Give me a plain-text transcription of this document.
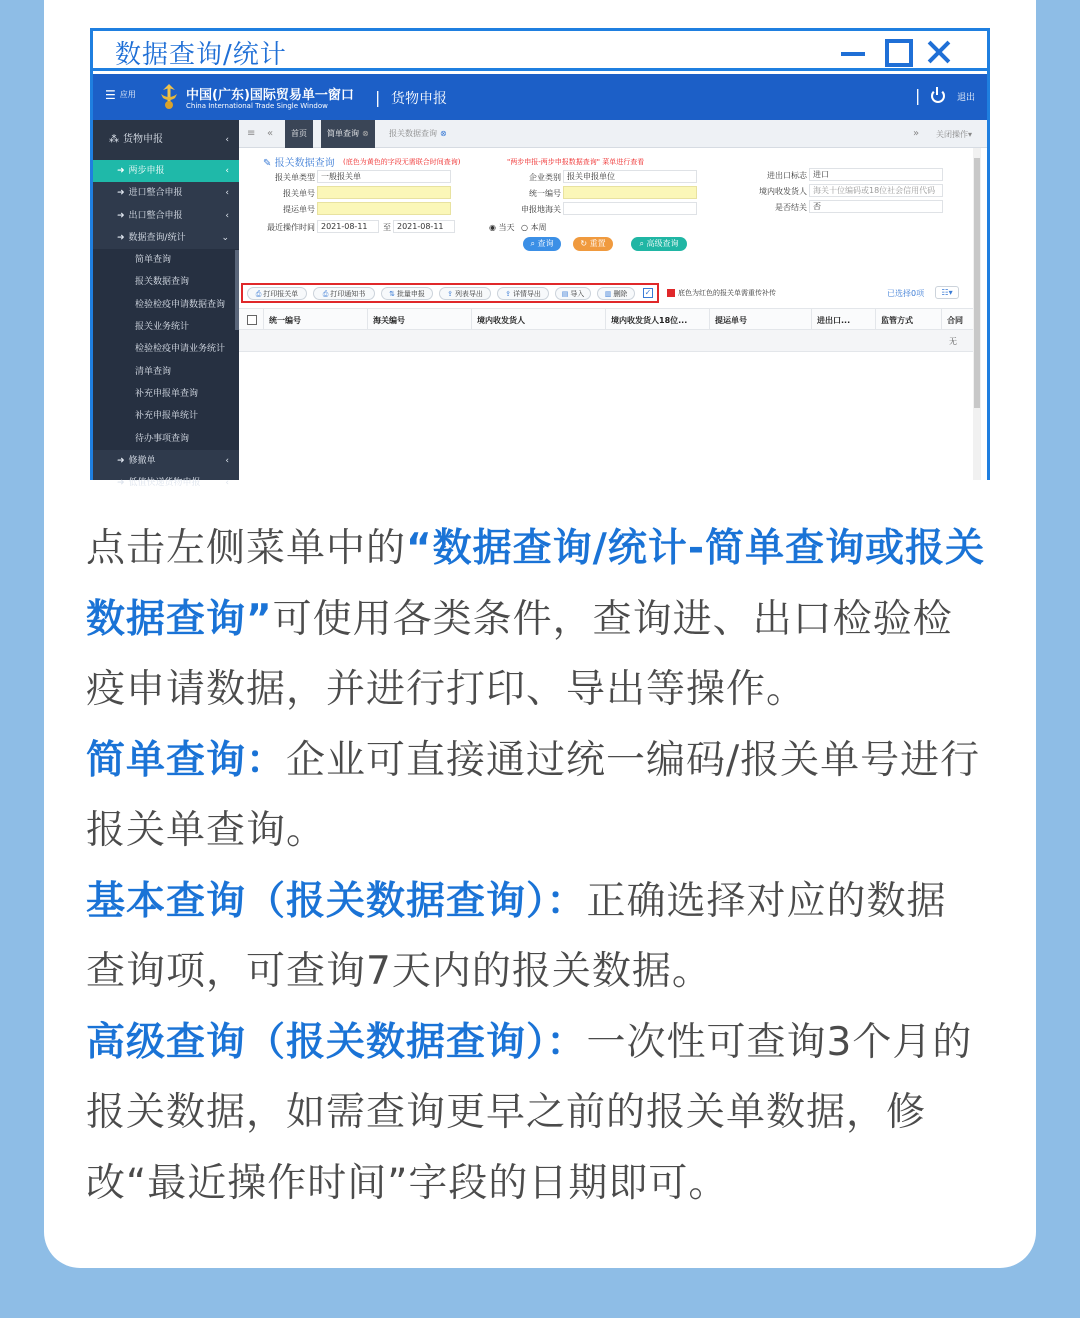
数据查询/统计
☰ 应用	中国(广东)国际贸易单一窗口
China International Trade Single Window	| 货物申报	|	退出
⁂ 货物申报	‹
➜ 两步申报	‹
➜ 进口整合申报	‹
➜ 出口整合申报	‹
➜ 数据查询/统计	⌄
简单查询
报关数据查询
检验检疫申请数据查询
报关业务统计
检验检疫申请业务统计
清单查询
补充申报单查询
补充申报单统计
待办事项查询
➜ 修撤单	‹
➜ 低值快递货物申报	‹
≡ «	首页	简单查询 ⊗	报关数据查询 ⊗	» 关闭操作▾
✎ 报关数据查询 (底色为黄色的字段无需联合时间查询)	"两步申报-两步申报数据查询" 菜单进行查看
报关单类型 一般报关单
报关单号
提运单号
最近操作时间 2021-08-11	至 2021-08-11
企业类别 报关申报单位
统一编号
申报地海关
◉ 当天 ○ 本周
进出口标志 进口
境内收发货人 海关十位编码或18位社会信用代码
是否结关 否
⌕ 查询	↻ 重置	⌕ 高级查询
⎙ 打印报关单	⎙ 打印通知书	⇅ 批量申报	⇪ 列表导出	⇪ 详情导出	▤ 导入	▥ 删除	✓	底色为红色的报关单需重传补传	已选择0项	☷▾
统一编号	海关编号	境内收发货人	境内收发货人18位...	提运单号	进出口...	监管方式	合同
无

点击左侧菜单中的“数据查询/统计-简单查询或报关数据查询”可使用各类条件，查询进、出口检验检疫申请数据，并进行打印、导出等操作。

简单查询：企业可直接通过统一编码/报关单号进行报关单查询。

基本查询（报关数据查询）：正确选择对应的数据查询项，可查询7天内的报关数据。

高级查询（报关数据查询）：一次性可查询3个月的报关数据，如需查询更早之前的报关单数据，修改“最近操作时间”字段的日期即可。
